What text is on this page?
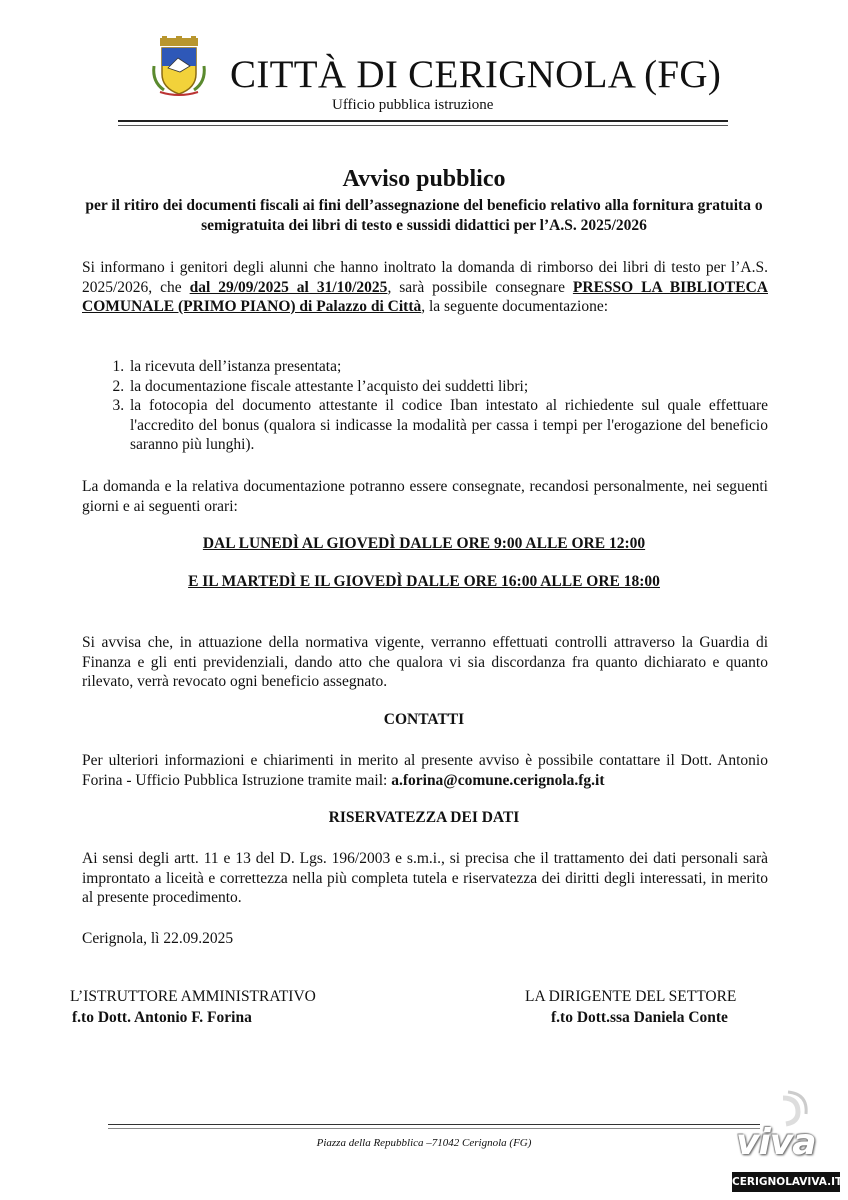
CITTÀ DI CERIGNOLA (FG)
Ufficio pubblica istruzione
Avviso pubblico
per il ritiro dei documenti fiscali ai fini dell’assegnazione del beneficio relativo alla fornitura gratuita o semigratuita dei libri di testo e sussidi didattici per l’A.S. 2025/2026
Si informano i genitori degli alunni che hanno inoltrato la domanda di rimborso dei libri di testo per l’A.S. 2025/2026, che dal 29/09/2025 al 31/10/2025, sarà possibile consegnare PRESSO LA BIBLIOTECA COMUNALE (PRIMO PIANO) di Palazzo di Città, la seguente documentazione:
1. la ricevuta dell’istanza presentata;
2. la documentazione fiscale attestante l’acquisto dei suddetti libri;
3. la fotocopia del documento attestante il codice Iban intestato al richiedente sul quale effettuare l'accredito del bonus (qualora si indicasse la modalità per cassa i tempi per l'erogazione del beneficio saranno più lunghi).
La domanda e la relativa documentazione potranno essere consegnate, recandosi personalmente, nei seguenti giorni e ai seguenti orari:
DAL LUNEDÌ AL GIOVEDÌ DALLE ORE 9:00 ALLE ORE 12:00
E IL MARTEDÌ E IL GIOVEDÌ DALLE ORE 16:00 ALLE ORE 18:00
Si avvisa che, in attuazione della normativa vigente, verranno effettuati controlli attraverso la Guardia di Finanza e gli enti previdenziali, dando atto che qualora vi sia discordanza fra quanto dichiarato e quanto rilevato, verrà revocato ogni beneficio assegnato.
CONTATTI
Per ulteriori informazioni e chiarimenti in merito al presente avviso è possibile contattare il Dott. Antonio Forina - Ufficio Pubblica Istruzione tramite mail: a.forina@comune.cerignola.fg.it
RISERVATEZZA DEI DATI
Ai sensi degli artt. 11 e 13 del D. Lgs. 196/2003 e s.m.i., si precisa che il trattamento dei dati personali sarà improntato a liceità e correttezza nella più completa tutela e riservatezza dei diritti degli interessati, in merito al presente procedimento.
Cerignola, lì 22.09.2025
L’ISTRUTTORE AMMINISTRATIVO
f.to Dott. Antonio F. Forina
LA DIRIGENTE DEL SETTORE
f.to Dott.ssa Daniela Conte
Piazza della Repubblica –71042 Cerignola (FG)	viva
CERIGNOLAVIVA.IT
